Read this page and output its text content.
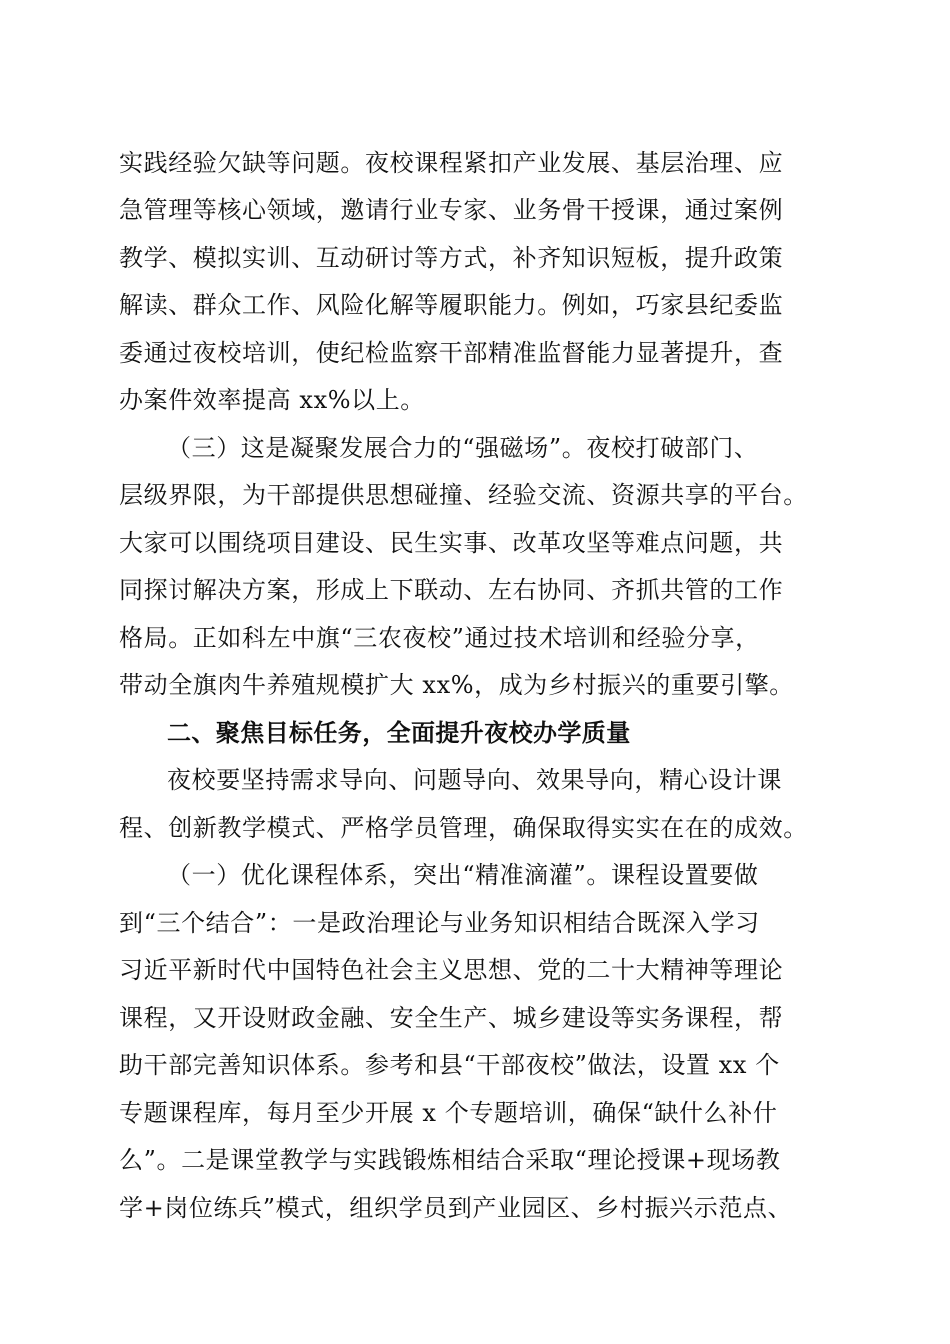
实践经验欠缺等问题。夜校课程紧扣产业发展、基层治理、应
急管理等核心领域，邀请行业专家、业务骨干授课，通过案例
教学、模拟实训、互动研讨等方式，补齐知识短板，提升政策
解读、群众工作、风险化解等履职能力。例如，巧家县纪委监
委通过夜校培训，使纪检监察干部精准监督能力显著提升，查
办案件效率提高 xx%以上。
（三）这是凝聚发展合力的“强磁场”。夜校打破部门、
层级界限，为干部提供思想碰撞、经验交流、资源共享的平台。
大家可以围绕项目建设、民生实事、改革攻坚等难点问题，共
同探讨解决方案，形成上下联动、左右协同、齐抓共管的工作
格局。正如科左中旗“三农夜校”通过技术培训和经验分享，
带动全旗肉牛养殖规模扩大 xx%，成为乡村振兴的重要引擎。
二、聚焦目标任务，全面提升夜校办学质量
夜校要坚持需求导向、问题导向、效果导向，精心设计课
程、创新教学模式、严格学员管理，确保取得实实在在的成效。
（一）优化课程体系，突出“精准滴灌”。课程设置要做
到“三个结合”：一是政治理论与业务知识相结合既深入学习
习近平新时代中国特色社会主义思想、党的二十大精神等理论
课程，又开设财政金融、安全生产、城乡建设等实务课程，帮
助干部完善知识体系。参考和县“干部夜校”做法，设置 xx 个
专题课程库，每月至少开展 x 个专题培训，确保“缺什么补什
么”。二是课堂教学与实践锻炼相结合采取“理论授课+现场教
学+岗位练兵”模式，组织学员到产业园区、乡村振兴示范点、
